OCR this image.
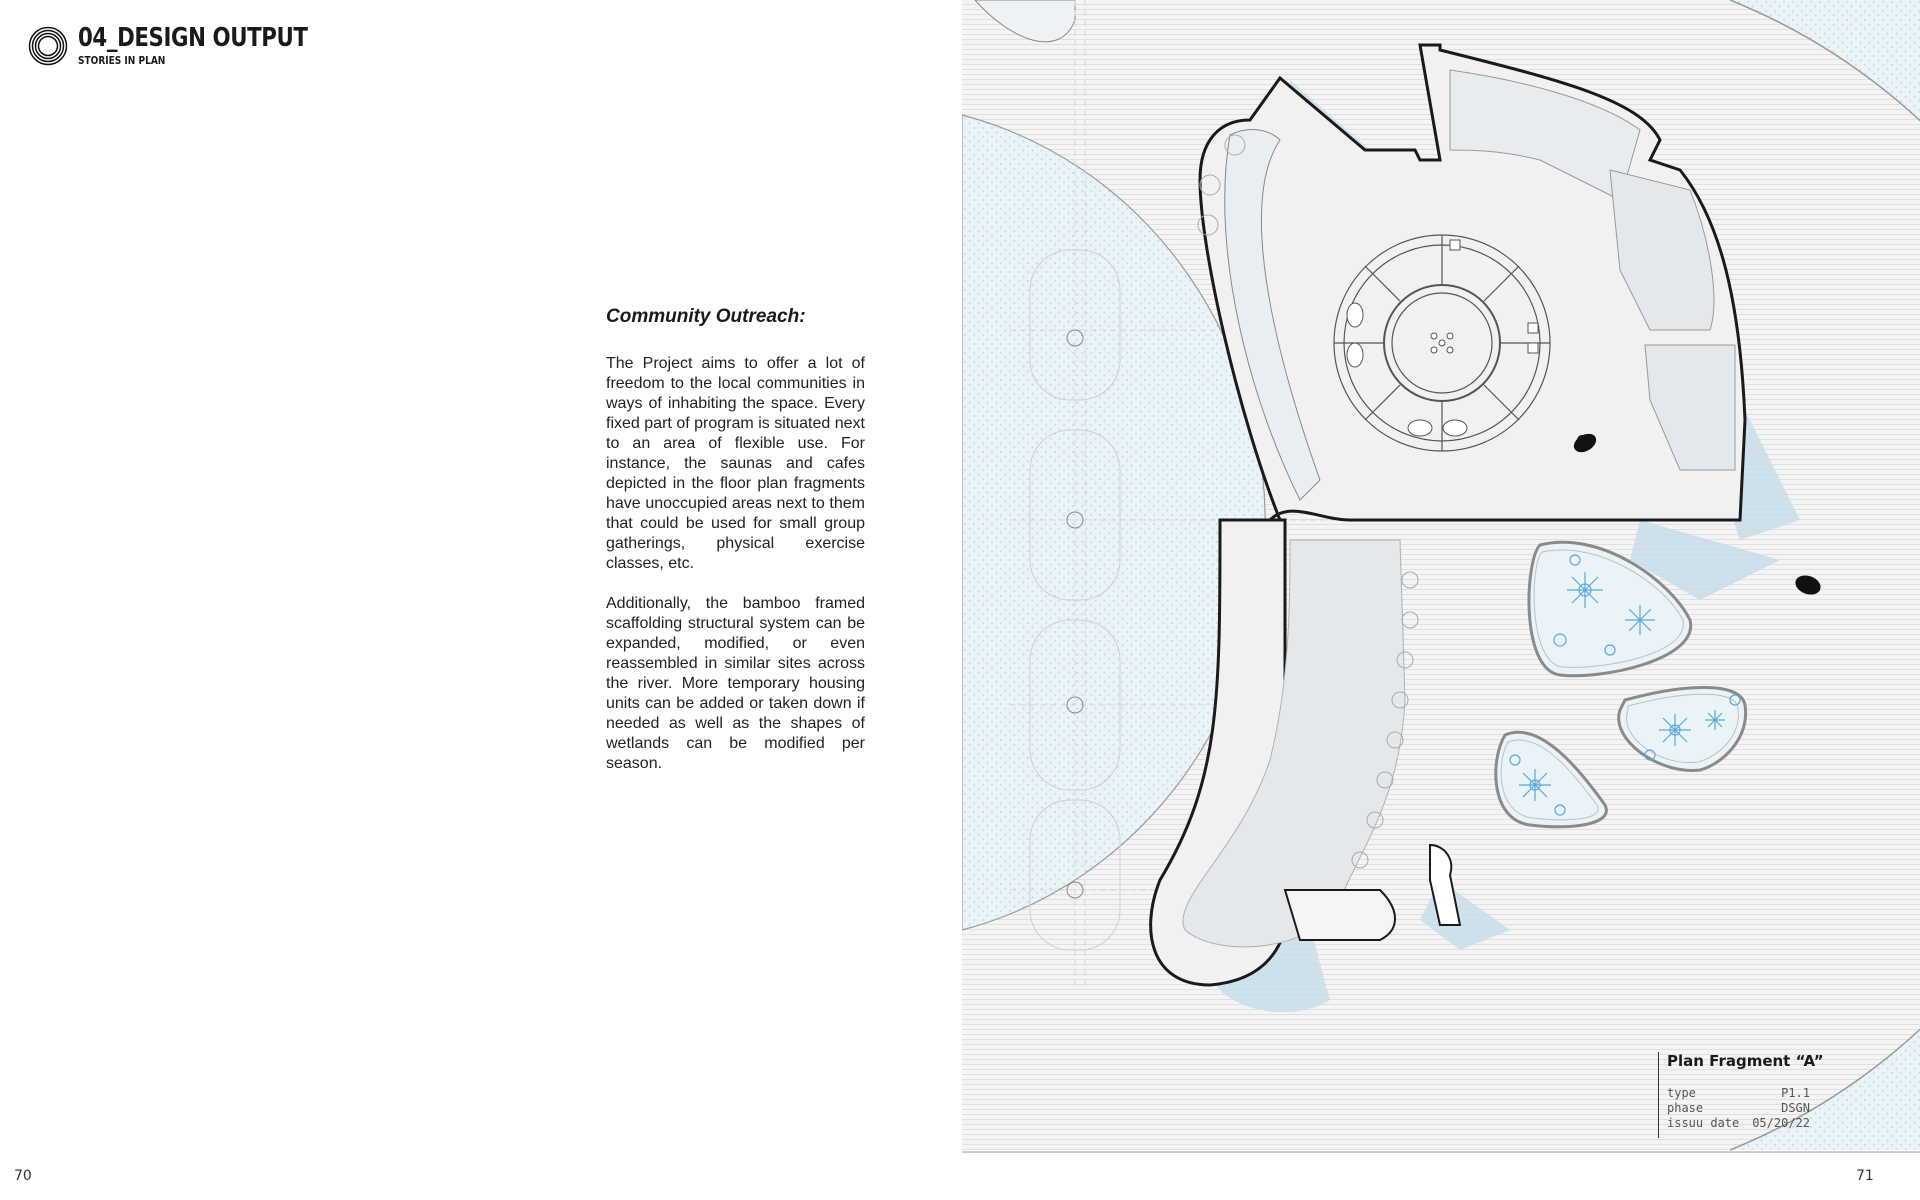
04_DESIGN OUTPUT
STORIES IN PLAN
Community Outreach:

The Project aims to offer a lot of freedom to the local communities in ways of inhabiting the space. Every fixed part of program is situated next to an area of flexible use. For instance, the saunas and cafes depicted in the floor plan fragments have unoccupied areas next to them that could be used for small group gatherings, physical exercise classes, etc.

Additionally, the bamboo framed scaffolding structural system can be expanded, modified, or even reassembled in similar sites across the river. More temporary housing units can be added or taken down if needed as well as the shapes of wetlands can be modified per season.

70	71
Plan Fragment “A”
type	P1.1
phase	DSGN
issuu date 05/20/22
